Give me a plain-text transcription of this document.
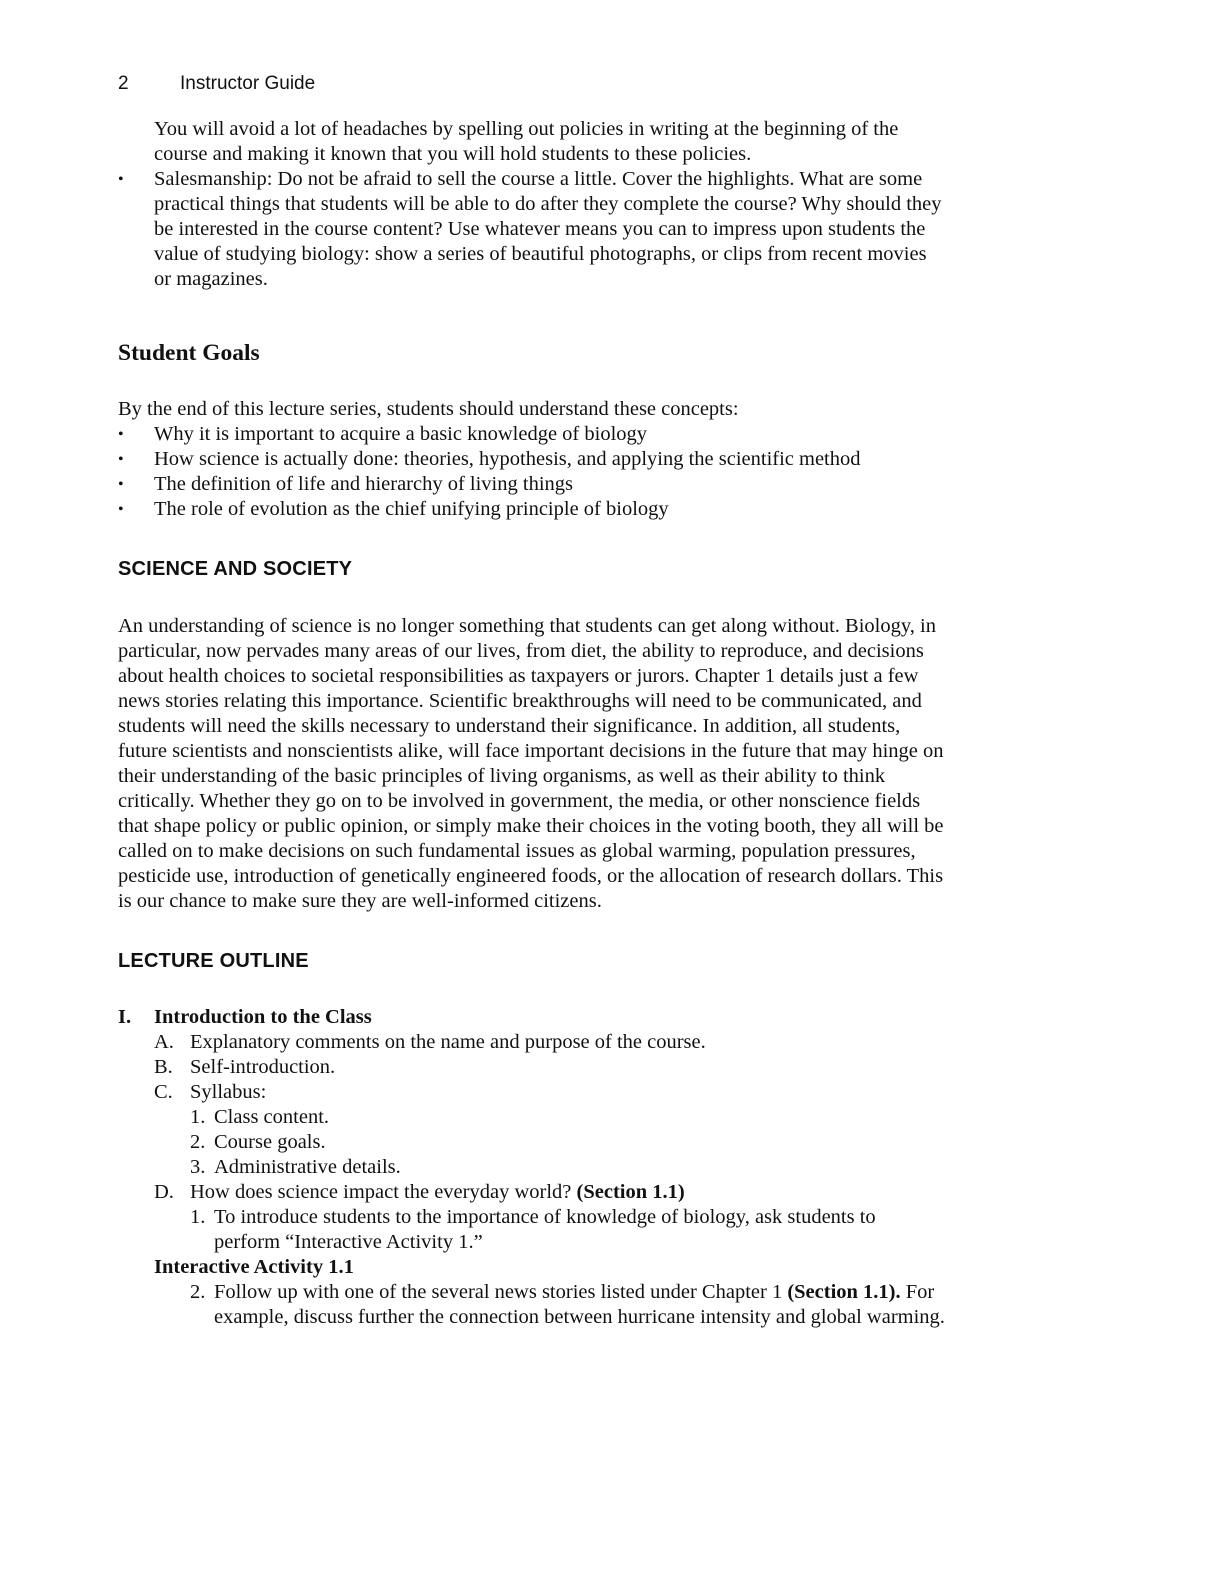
2	Instructor Guide
You will avoid a lot of headaches by spelling out policies in writing at the beginning of the
course and making it known that you will hold students to these policies.
• Salesmanship: Do not be afraid to sell the course a little. Cover the highlights. What are some
practical things that students will be able to do after they complete the course? Why should they
be interested in the course content? Use whatever means you can to impress upon students the
value of studying biology: show a series of beautiful photographs, or clips from recent movies
or magazines.
Student Goals
By the end of this lecture series, students should understand these concepts:
• Why it is important to acquire a basic knowledge of biology
• How science is actually done: theories, hypothesis, and applying the scientific method
• The definition of life and hierarchy of living things
• The role of evolution as the chief unifying principle of biology
SCIENCE AND SOCIETY
An understanding of science is no longer something that students can get along without. Biology, in
particular, now pervades many areas of our lives, from diet, the ability to reproduce, and decisions
about health choices to societal responsibilities as taxpayers or jurors. Chapter 1 details just a few
news stories relating this importance. Scientific breakthroughs will need to be communicated, and
students will need the skills necessary to understand their significance. In addition, all students,
future scientists and nonscientists alike, will face important decisions in the future that may hinge on
their understanding of the basic principles of living organisms, as well as their ability to think
critically. Whether they go on to be involved in government, the media, or other nonscience fields
that shape policy or public opinion, or simply make their choices in the voting booth, they all will be
called on to make decisions on such fundamental issues as global warming, population pressures,
pesticide use, introduction of genetically engineered foods, or the allocation of research dollars. This
is our chance to make sure they are well-informed citizens.
LECTURE OUTLINE
I. Introduction to the Class
A. Explanatory comments on the name and purpose of the course.
B. Self-introduction.
C. Syllabus:
1. Class content.
2. Course goals.
3. Administrative details.
D. How does science impact the everyday world? (Section 1.1)
1. To introduce students to the importance of knowledge of biology, ask students to
perform “Interactive Activity 1.”
Interactive Activity 1.1
2. Follow up with one of the several news stories listed under Chapter 1 (Section 1.1). For
example, discuss further the connection between hurricane intensity and global warming.
